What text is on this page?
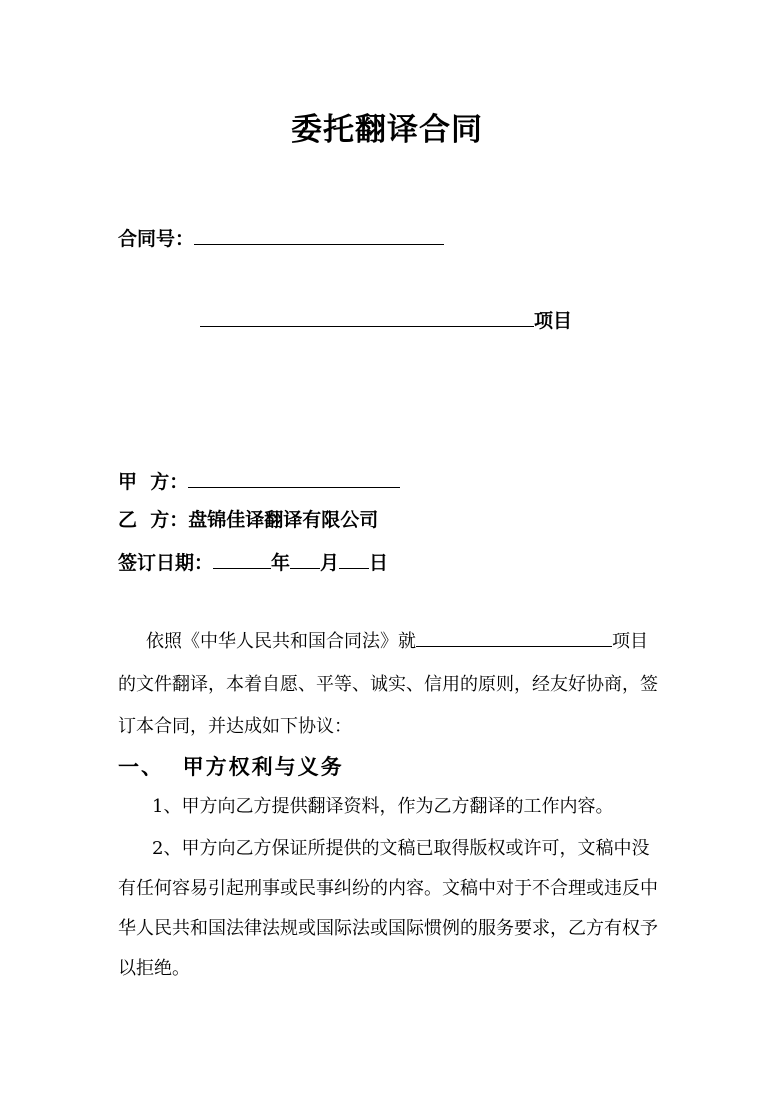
委托翻译合同
合同号：
项目
甲  方：
乙  方：盘锦佳译翻译有限公司
签订日期：	年 月 日
依照《中华人民共和国合同法》就	项目
的文件翻译，本着自愿、平等、诚实、信用的原则，经友好协商，签
订本合同，并达成如下协议：
一、  甲方权利与义务
1、甲方向乙方提供翻译资料，作为乙方翻译的工作内容。
2、甲方向乙方保证所提供的文稿已取得版权或许可，文稿中没
有任何容易引起刑事或民事纠纷的内容。文稿中对于不合理或违反中
华人民共和国法律法规或国际法或国际惯例的服务要求，乙方有权予
以拒绝。
